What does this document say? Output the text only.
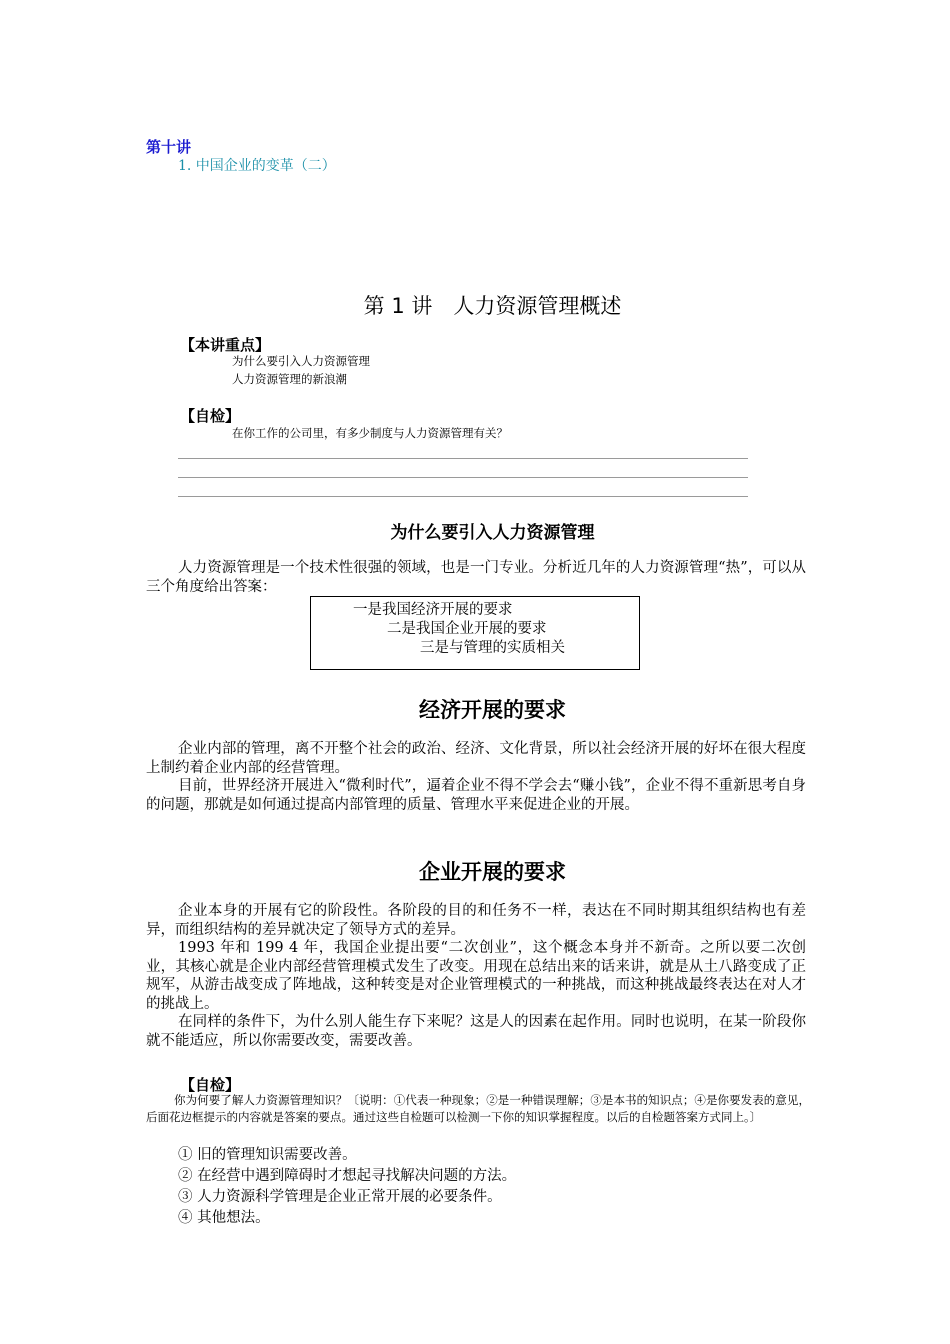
第十讲
1. 中国企业的变革（二）
第 1 讲　人力资源管理概述
【本讲重点】
为什么要引入人力资源管理
人力资源管理的新浪潮
【自检】
在你工作的公司里，有多少制度与人力资源管理有关？
为什么要引入人力资源管理

人力资源管理是一个技术性很强的领域，也是一门专业。分析近几年的人力资源管理“热”，可以从三个角度给出答案：

一是我国经济开展的要求
二是我国企业开展的要求
三是与管理的实质相关
经济开展的要求

企业内部的管理，离不开整个社会的政治、经济、文化背景，所以社会经济开展的好坏在很大程度上制约着企业内部的经营管理。

目前，世界经济开展进入“微利时代”，逼着企业不得不学会去“赚小钱”，企业不得不重新思考自身的问题，那就是如何通过提高内部管理的质量、管理水平来促进企业的开展。

企业开展的要求

企业本身的开展有它的阶段性。各阶段的目的和任务不一样，表达在不同时期其组织结构也有差异，而组织结构的差异就决定了领导方式的差异。

1993 年和 199 4 年，我国企业提出要“二次创业”，这个概念本身并不新奇。之所以要二次创业，其核心就是企业内部经营管理模式发生了改变。用现在总结出来的话来讲，就是从土八路变成了正规军，从游击战变成了阵地战，这种转变是对企业管理模式的一种挑战，而这种挑战最终表达在对人才的挑战上。

在同样的条件下，为什么别人能生存下来呢？这是人的因素在起作用。同时也说明，在某一阶段你就不能适应，所以你需要改变，需要改善。

【自检】

你为何要了解人力资源管理知识？〔说明：①代表一种现象；②是一种错误理解；③是本书的知识点；④是你要发表的意见，后面花边框提示的内容就是答案的要点。通过这些自检题可以检测一下你的知识掌握程度。以后的自检题答案方式同上。〕

① 旧的管理知识需要改善。
② 在经营中遇到障碍时才想起寻找解决问题的方法。
③ 人力资源科学管理是企业正常开展的必要条件。
④ 其他想法。
